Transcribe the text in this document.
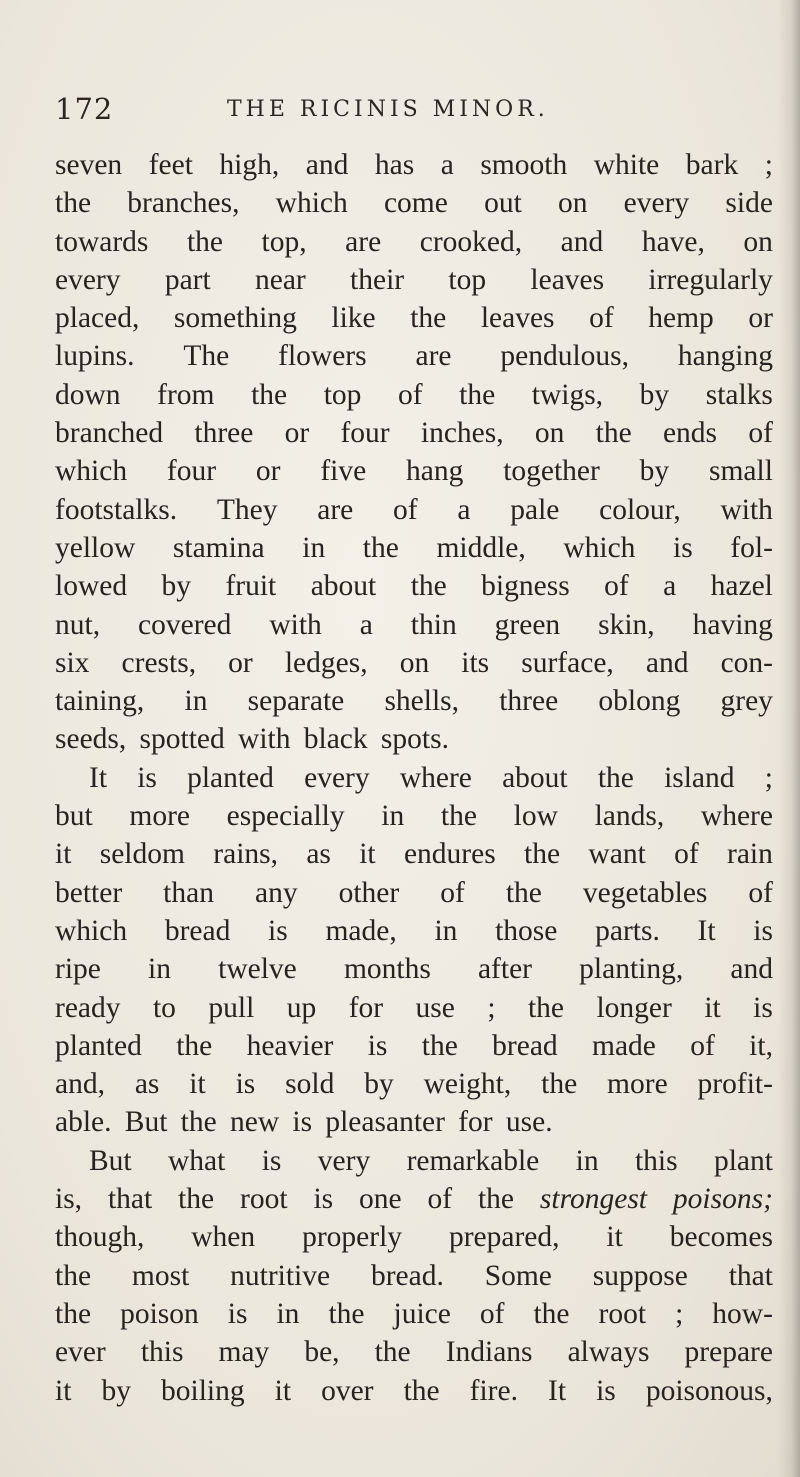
172	THE RICINIS MINOR.
seven feet high, and has a smooth white bark ;
the branches, which come out on every side
towards the top, are crooked, and have, on
every part near their top leaves irregularly
placed, something like the leaves of hemp or
lupins. The flowers are pendulous, hanging
down from the top of the twigs, by stalks
branched three or four inches, on the ends of
which four or five hang together by small
footstalks. They are of a pale colour, with
yellow stamina in the middle, which is fol-
lowed by fruit about the bigness of a hazel
nut, covered with a thin green skin, having
six crests, or ledges, on its surface, and con-
taining, in separate shells, three oblong grey
seeds, spotted with black spots.
It is planted every where about the island ;
but more especially in the low lands, where
it seldom rains, as it endures the want of rain
better than any other of the vegetables of
which bread is made, in those parts. It is
ripe in twelve months after planting, and
ready to pull up for use ; the longer it is
planted the heavier is the bread made of it,
and, as it is sold by weight, the more profit-
able. But the new is pleasanter for use.
But what is very remarkable in this plant
is, that the root is one of the strongest poisons;
though, when properly prepared, it becomes
the most nutritive bread. Some suppose that
the poison is in the juice of the root ; how-
ever this may be, the Indians always prepare
it by boiling it over the fire. It is poisonous,
